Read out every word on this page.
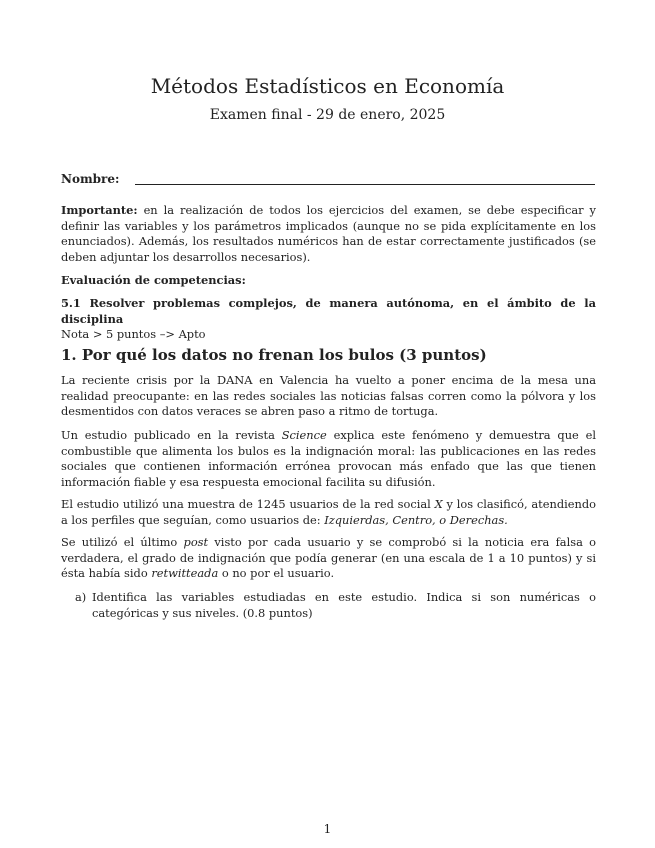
Métodos Estadísticos en Economía
Examen final - 29 de enero, 2025
Nombre:
Importante: en la realización de todos los ejercicios del examen, se debe especificar y definir las variables y los parámetros implicados (aunque no se pida explícitamente en los enunciados). Además, los resultados numéricos han de estar correctamente justificados (se deben adjuntar los desarrollos necesarios).
Evaluación de competencias:
5.1 Resolver problemas complejos, de manera autónoma, en el ámbito de la disciplina
Nota > 5 puntos –> Apto
1. Por qué los datos no frenan los bulos (3 puntos)
La reciente crisis por la DANA en Valencia ha vuelto a poner encima de la mesa una realidad preocupante: en las redes sociales las noticias falsas corren como la pólvora y los desmentidos con datos veraces se abren paso a ritmo de tortuga.
Un estudio publicado en la revista Science explica este fenómeno y demuestra que el combustible que alimenta los bulos es la indignación moral: las publicaciones en las redes sociales que contienen información errónea provocan más enfado que las que tienen información fiable y esa respuesta emocional facilita su difusión.
El estudio utilizó una muestra de 1245 usuarios de la red social X y los clasificó, atendiendo a los perfiles que seguían, como usuarios de: Izquierdas, Centro, o Derechas.
Se utilizó el último post visto por cada usuario y se comprobó si la noticia era falsa o verdadera, el grado de indignación que podía generar (en una escala de 1 a 10 puntos) y si ésta había sido retwitteada o no por el usuario.
a) Identifica las variables estudiadas en este estudio. Indica si son numéricas o categóricas y sus niveles. (0.8 puntos)
1
